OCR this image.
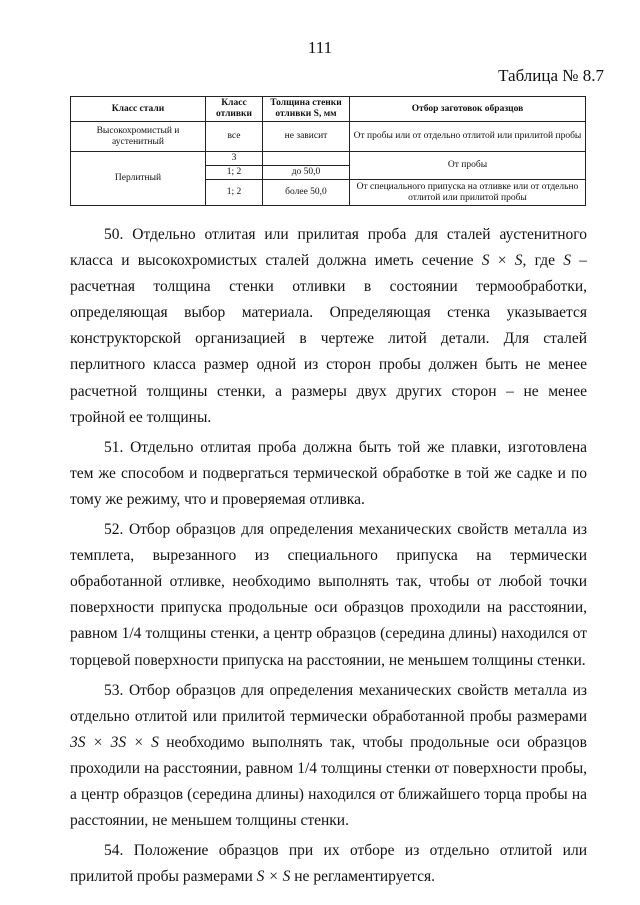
111
Таблица № 8.7
Класс стали	Класс отливки	Толщина стенки отливки S, мм	Отбор заготовок образцов
Высокохромистый и аустенитный	все	не зависит	От пробы или от отдельно отлитой или прилитой пробы
Перлитный	3		От пробы
	1; 2	до 50,0	
	1; 2	более 50,0	От специального припуска на отливке или от отдельно отлитой или прилитой пробы

50. Отдельно отлитая или прилитая проба для сталей аустенитного класса и высокохромистых сталей должна иметь сечение S × S, где S – расчетная толщина стенки отливки в состоянии термообработки, определяющая выбор материала. Определяющая стенка указывается конструкторской организацией в чертеже литой детали. Для сталей перлитного класса размер одной из сторон пробы должен быть не менее расчетной толщины стенки, а размеры двух других сторон – не менее тройной ее толщины.

51. Отдельно отлитая проба должна быть той же плавки, изготовлена тем же способом и подвергаться термической обработке в той же садке и по тому же режиму, что и проверяемая отливка.

52. Отбор образцов для определения механических свойств металла из темплета, вырезанного из специального припуска на термически обработанной отливке, необходимо выполнять так, чтобы от любой точки поверхности припуска продольные оси образцов проходили на расстоянии, равном 1/4 толщины стенки, а центр образцов (середина длины) находился от торцевой поверхности припуска на расстоянии, не меньшем толщины стенки.

53. Отбор образцов для определения механических свойств металла из отдельно отлитой или прилитой термически обработанной пробы размерами 3S × 3S × S необходимо выполнять так, чтобы продольные оси образцов проходили на расстоянии, равном 1/4 толщины стенки от поверхности пробы, а центр образцов (середина длины) находился от ближайшего торца пробы на расстоянии, не меньшем толщины стенки.

54. Положение образцов при их отборе из отдельно отлитой или прилитой пробы размерами S × S не регламентируется.
